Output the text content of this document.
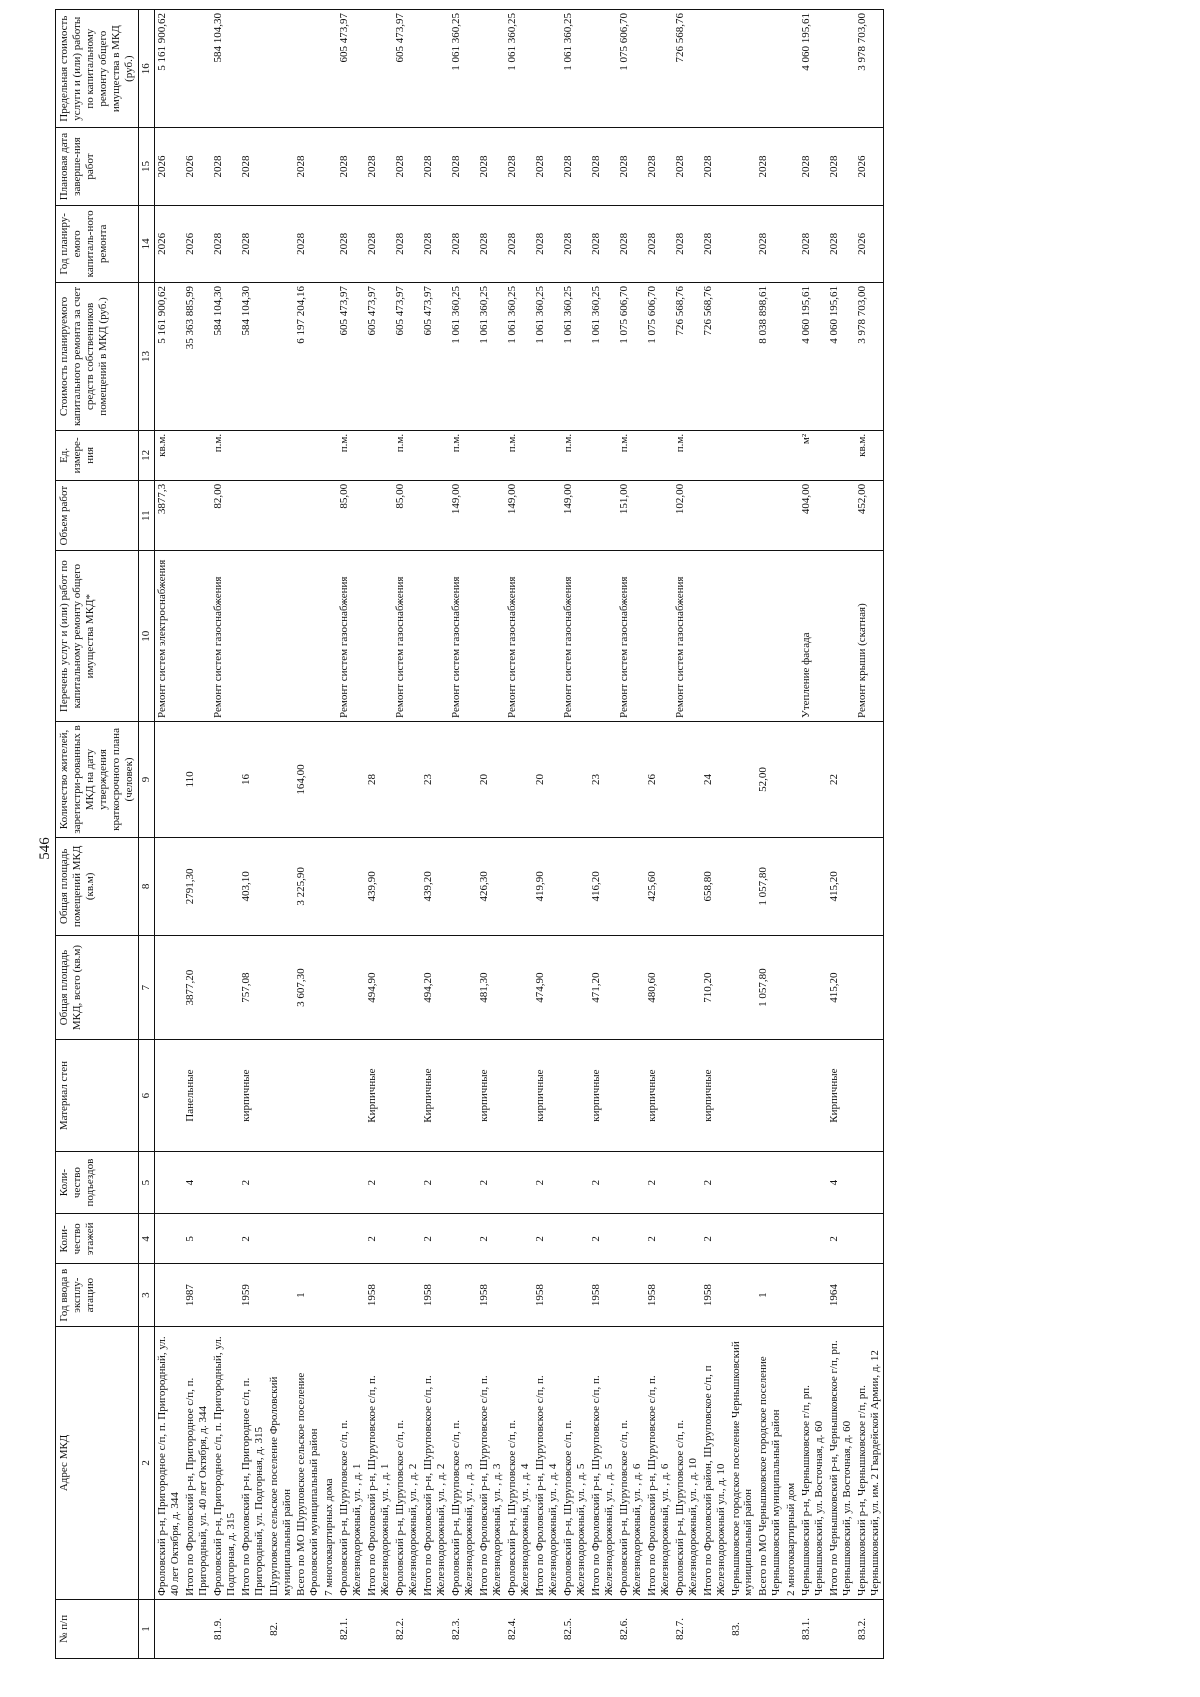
546
№ п/п	Адрес МКД	Год ввода в эксплу-атацию	Коли-чество этажей	Коли-чество подъездов	Материал стен	Общая площадь МКД, всего (кв.м)	Общая площадь помещений МКД (кв.м)	Количество жителей, зарегистри-рованных в МКД на дату утверждения краткосрочного плана (человек)	Перечень услуг и (или) работ по капитальному ремонту общего имущества МКД*	Объем работ	Ед. измере-ния	Стоимость планируемого капитального ремонта за счет средств собственников помещений в МКД (руб.)	Год планиру-емого капиталь-ного ремонта	Плановая дата заверше-ния работ	Предельная стоимость услуги и (или) работы по капитальному ремонту общего имущества в МКД (руб.)
1	2	3	4	5	6	7	8	9	10	11	12	13	14	15	16
	Фроловский р-н, Пригородное с/п, п. Пригородный, ул. 40 лет Октября, д. 344								Ремонт систем электроснабжения	3877,3	кв.м.	5 161 900,62	2026	2026	5 161 900,62
	Итого по Фроловский р-н, Пригородное с/п, п. Пригородный, ул. 40 лет Октября, д. 344	1987	5	4	Панельные	3877,20	2791,30	110				35 363 885,99	2026	2026	
81.9.	Фроловский р-н, Пригородное с/п, п. Пригородный, ул. Подгорная, д. 315								Ремонт систем газоснабжения	82,00	п.м.	584 104,30	2028	2028	584 104,30
	Итого по Фроловский р-н, Пригородное с/п, п. Пригородный, ул. Подгорная, д. 315	1959	2	2	кирпичные	757,08	403,10	16				584 104,30	2028	2028	
82.	Шуруповское сельское поселение Фроловский муниципальный район														
	Всего по МО Шуруповское сельское поселение Фроловский муниципальный район	1				3 607,30	3 225,90	164,00				6 197 204,16	2028	2028	
	7 многоквартирных дома														
82.1.	Фроловский р-н, Шуруповское с/п, п. Железнодорожный, ул. , д. 1								Ремонт систем газоснабжения	85,00	п.м.	605 473,97	2028	2028	605 473,97
	Итого по Фроловский р-н, Шуруповское с/п, п. Железнодорожный, ул. , д. 1	1958	2	2	Кирпичные	494,90	439,90	28				605 473,97	2028	2028	
82.2.	Фроловский р-н, Шуруповское с/п, п. Железнодорожный, ул. , д. 2								Ремонт систем газоснабжения	85,00	п.м.	605 473,97	2028	2028	605 473,97
	Итого по Фроловский р-н, Шуруповское с/п, п. Железнодорожный, ул. , д. 2	1958	2	2	Кирпичные	494,20	439,20	23				605 473,97	2028	2028	
82.3.	Фроловский р-н, Шуруповское с/п, п. Железнодорожный, ул. , д. 3								Ремонт систем газоснабжения	149,00	п.м.	1 061 360,25	2028	2028	1 061 360,25
	Итого по Фроловский р-н, Шуруповское с/п, п. Железнодорожный, ул. , д. 3	1958	2	2	кирпичные	481,30	426,30	20				1 061 360,25	2028	2028	
82.4.	Фроловский р-н, Шуруповское с/п, п. Железнодорожный, ул. , д. 4								Ремонт систем газоснабжения	149,00	п.м.	1 061 360,25	2028	2028	1 061 360,25
	Итого по Фроловский р-н, Шуруповское с/п, п. Железнодорожный, ул. , д. 4	1958	2	2	кирпичные	474,90	419,90	20				1 061 360,25	2028	2028	
82.5.	Фроловский р-н, Шуруповское с/п, п. Железнодорожный, ул. , д. 5								Ремонт систем газоснабжения	149,00	п.м.	1 061 360,25	2028	2028	1 061 360,25
	Итого по Фроловский р-н, Шуруповское с/п, п. Железнодорожный, ул. , д. 5	1958	2	2	кирпичные	471,20	416,20	23				1 061 360,25	2028	2028	
82.6.	Фроловский р-н, Шуруповское с/п, п. Железнодорожный, ул. , д. 6								Ремонт систем газоснабжения	151,00	п.м.	1 075 606,70	2028	2028	1 075 606,70
	Итого по Фроловский р-н, Шуруповское с/п, п. Железнодорожный, ул. , д. 6	1958	2	2	кирпичные	480,60	425,60	26				1 075 606,70	2028	2028	
82.7.	Фроловский р-н, Шуруповское с/п, п. Железнодорожный, ул. , д. 10								Ремонт систем газоснабжения	102,00	п.м.	726 568,76	2028	2028	726 568,76
	Итого по Фроловский район, Шуруповское с/п, п Железнодорожный ул., д. 10	1958	2	2	кирпичные	710,20	658,80	24				726 568,76	2028	2028	
83.	Чернышковское городское поселение Чернышковский муниципальный район														
	Всего по МО Чернышковское городское поселение Чернышковский муниципальный район	1				1 057,80	1 057,80	52,00				8 038 898,61	2028	2028	
	2 многоквартирный дом														
83.1.	Чернышковский р-н, Чернышковское г/п, рп. Чернышковский, ул. Восточная, д. 60								Утепление фасада	404,00	м²	4 060 195,61	2028	2028	4 060 195,61
	Итого по Чернышковский р-н, Чернышковское г/п, рп. Чернышковский, ул. Восточная, д. 60	1964	2	4	Кирпичные	415,20	415,20	22				4 060 195,61	2028	2028	
83.2.	Чернышковский р-н, Чернышковское г/п, рп. Чернышковский, ул. им. 2 Гвардейской Армии, д. 12								Ремонт крыши (скатная)	452,00	кв.м.	3 978 703,00	2026	2026	3 978 703,00
